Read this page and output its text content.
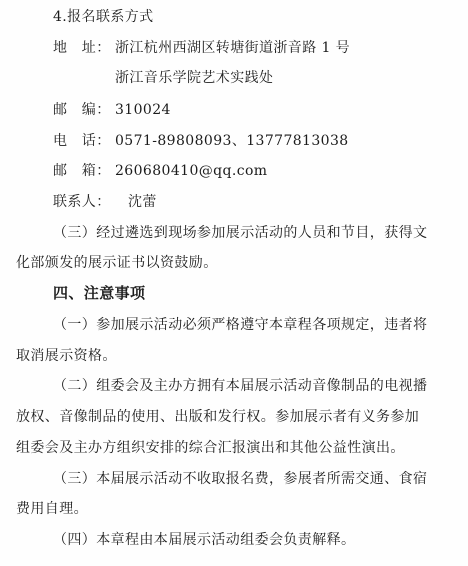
4.报名联系方式
地　址： 浙江杭州西湖区转塘街道浙音路 1 号
浙江音乐学院艺术实践处
邮　编： 310024
电　话： 0571-89808093、13777813038
邮　箱： 260680410@qq.com
联系人： 沈蕾
（三）经过遴选到现场参加展示活动的人员和节目，获得文
化部颁发的展示证书以资鼓励。
四、注意事项
（一）参加展示活动必须严格遵守本章程各项规定，违者将
取消展示资格。
（二）组委会及主办方拥有本届展示活动音像制品的电视播
放权、音像制品的使用、出版和发行权。参加展示者有义务参加
组委会及主办方组织安排的综合汇报演出和其他公益性演出。
（三）本届展示活动不收取报名费，参展者所需交通、食宿
费用自理。
（四）本章程由本届展示活动组委会负责解释。
